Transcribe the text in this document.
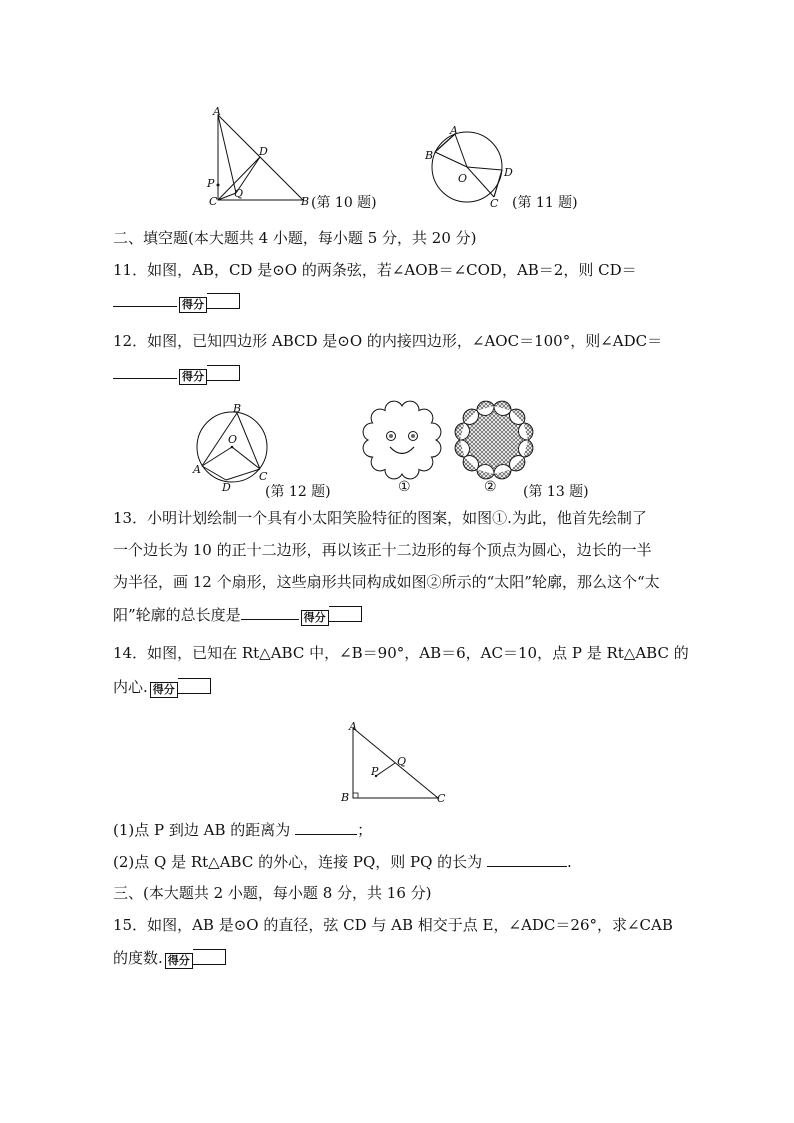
A
D
P
Q
C	B (第 10 题)
A
B
O	D
C (第 11 题)
二、填空题(本大题共 4 小题，每小题 5 分，共 20 分)
11．如图，AB，CD 是⊙O 的两条弦，若∠AOB＝∠COD，AB＝2，则 CD＝
得分
12．如图，已知四边形 ABCD 是⊙O 的内接四边形，∠AOC＝100°，则∠ADC＝
得分
B
O
A
C
D (第 12 题)	①	② (第 13 题)
13．小明计划绘制一个具有小太阳笑脸特征的图案，如图①.为此，他首先绘制了
一个边长为 10 的正十二边形，再以该正十二边形的每个顶点为圆心，边长的一半
为半径，画 12 个扇形，这些扇形共同构成如图②所示的“太阳”轮廓，那么这个“太
阳”轮廓的总长度是	得分
14．如图，已知在 Rt△ABC 中，∠B＝90°，AB＝6，AC＝10，点 P 是 Rt△ABC 的
内心. 得分
A
Q
P
B	C
(1)点 P 到边 AB 的距离为	；
(2)点 Q 是 Rt△ABC 的外心，连接 PQ，则 PQ 的长为	.
三、(本大题共 2 小题，每小题 8 分，共 16 分)
15．如图，AB 是⊙O 的直径，弦 CD 与 AB 相交于点 E，∠ADC＝26°，求∠CAB
的度数. 得分
